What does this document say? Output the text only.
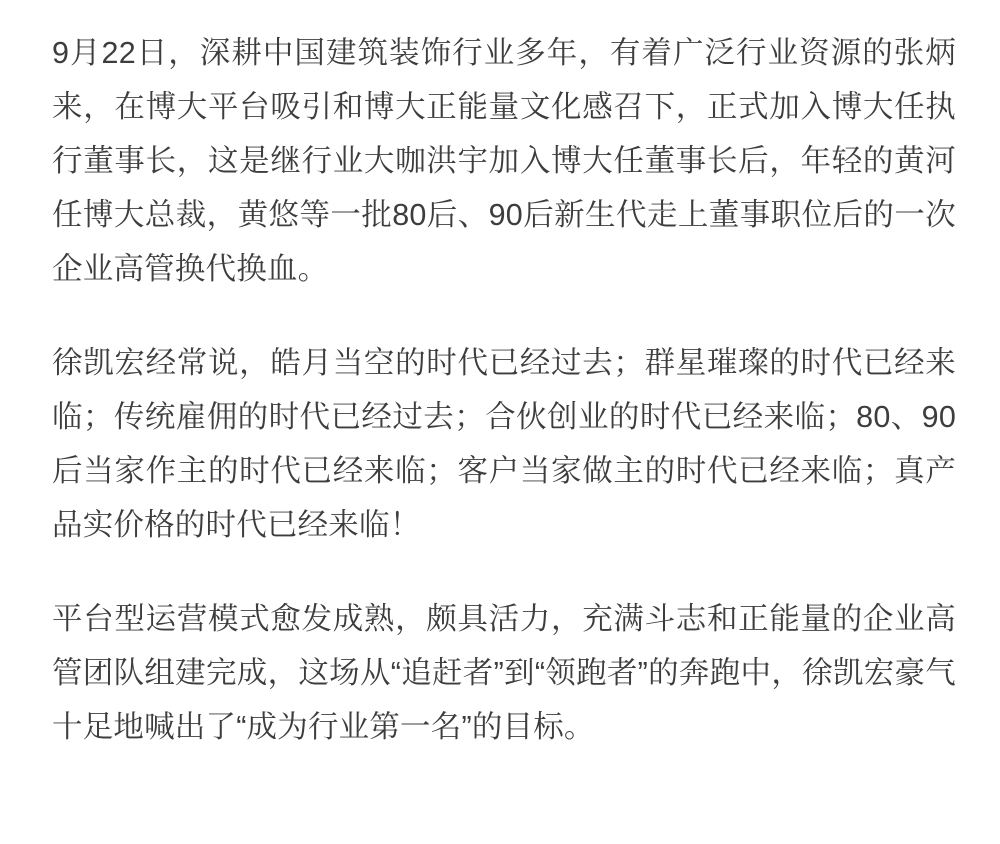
9月22日，深耕中国建筑装饰行业多年，有着广泛行业资源的张炳来，在博大平台吸引和博大正能量文化感召下，正式加入博大任执行董事长，这是继行业大咖洪宇加入博大任董事长后，年轻的黄河任博大总裁，黄悠等一批80后、90后新生代走上董事职位后的一次企业高管换代换血。

徐凯宏经常说，皓月当空的时代已经过去；群星璀璨的时代已经来临；传统雇佣的时代已经过去；合伙创业的时代已经来临；80、90后当家作主的时代已经来临；客户当家做主的时代已经来临；真产品实价格的时代已经来临！

平台型运营模式愈发成熟，颇具活力，充满斗志和正能量的企业高管团队组建完成，这场从“追赶者”到“领跑者”的奔跑中，徐凯宏豪气十足地喊出了“成为行业第一名”的目标。
